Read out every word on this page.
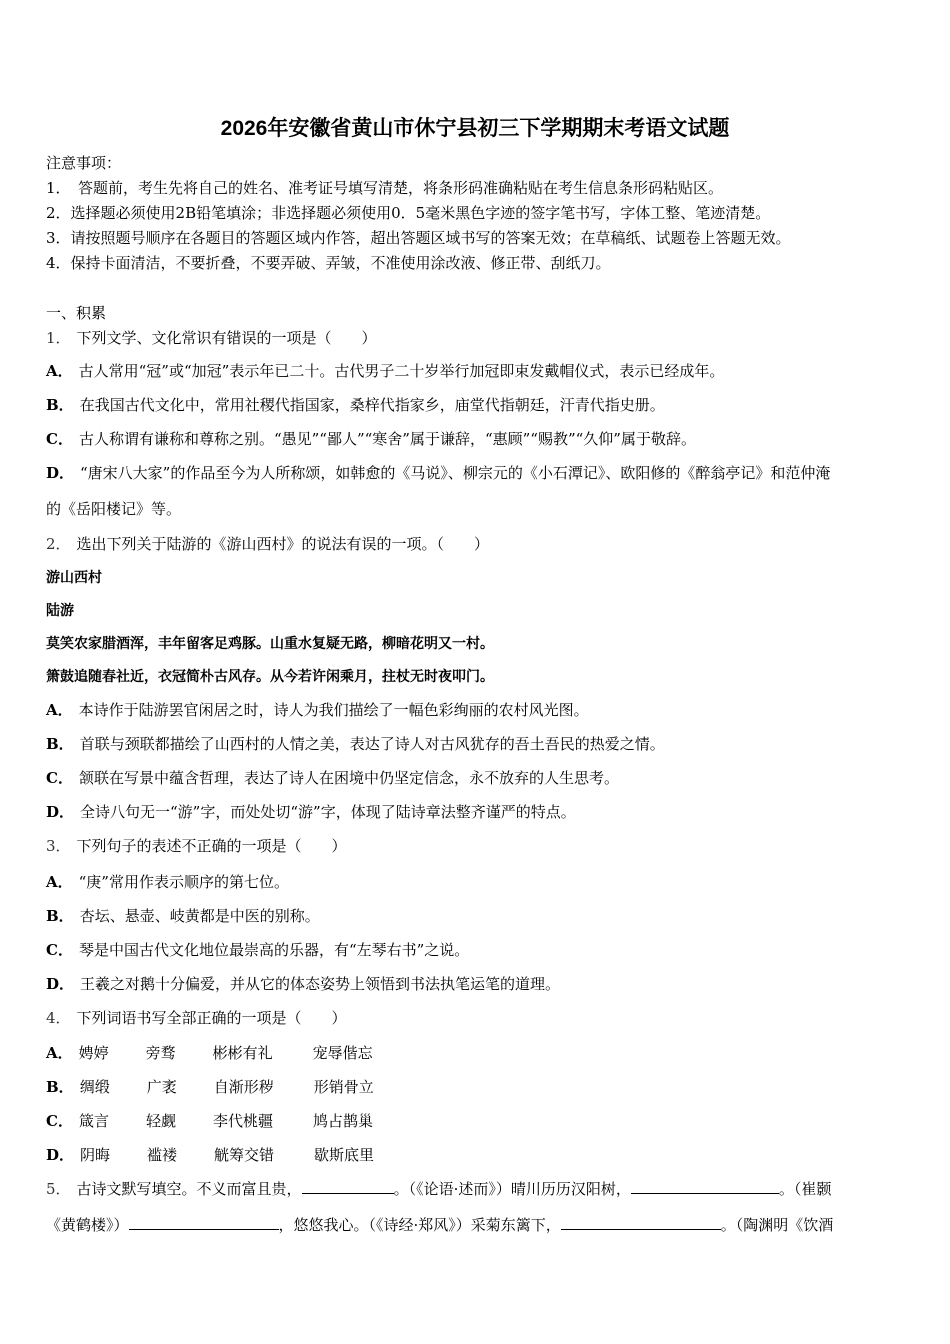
2026年安徽省黄山市休宁县初三下学期期末考语文试题
注意事项：
1．　答题前，考生先将自己的姓名、准考证号填写清楚，将条形码准确粘贴在考生信息条形码粘贴区。
2．选择题必须使用2B铅笔填涂；非选择题必须使用0．5毫米黑色字迹的签字笔书写，字体工整、笔迹清楚。
3．请按照题号顺序在各题目的答题区域内作答，超出答题区域书写的答案无效；在草稿纸、试题卷上答题无效。
4．保持卡面清洁，不要折叠，不要弄破、弄皱，不准使用涂改液、修正带、刮纸刀。
一、积累
1． 下列文学、文化常识有错误的一项是（　　）
A． 古人常用“冠”或“加冠”表示年已二十。古代男子二十岁举行加冠即束发戴帽仪式，表示已经成年。
B． 在我国古代文化中，常用社稷代指国家，桑梓代指家乡，庙堂代指朝廷，汗青代指史册。
C． 古人称谓有谦称和尊称之别。“愚见”“鄙人”“寒舍”属于谦辞，“惠顾”“赐教”“久仰”属于敬辞。
D． “唐宋八大家”的作品至今为人所称颂，如韩愈的《马说》、柳宗元的《小石潭记》、欧阳修的《醉翁亭记》和范仲淹
的《岳阳楼记》等。
2． 选出下列关于陆游的《游山西村》的说法有误的一项。（　　）
游山西村
陆游
莫笑农家腊酒浑，丰年留客足鸡豚。山重水复疑无路，柳暗花明又一村。
箫鼓追随春社近，衣冠简朴古风存。从今若许闲乘月，拄杖无时夜叩门。
A． 本诗作于陆游罢官闲居之时，诗人为我们描绘了一幅色彩绚丽的农村风光图。
B． 首联与颈联都描绘了山西村的人情之美，表达了诗人对古风犹存的吾土吾民的热爱之情。
C． 颔联在写景中蕴含哲理，表达了诗人在困境中仍坚定信念，永不放弃的人生思考。
D． 全诗八句无一“游”字，而处处切“游”字，体现了陆诗章法整齐谨严的特点。
3． 下列句子的表述不正确的一项是（　　）
A． “庚”常用作表示顺序的第七位。
B． 杏坛、悬壶、岐黄都是中医的别称。
C． 琴是中国古代文化地位最崇高的乐器，有“左琴右书”之说。
D． 王羲之对鹅十分偏爱，并从它的体态姿势上领悟到书法执笔运笔的道理。
4． 下列词语书写全部正确的一项是（　　）
A． 娉婷 旁骛 彬彬有礼	宠辱偕忘
B． 绸缎 广袤 自渐形秽	形销骨立
C． 箴言 轻觑 李代桃疆	鸠占鹊巢
D． 阴晦 褴褛 觥筹交错	歇斯底里
5． 古诗文默写填空。不义而富且贵，	。（《论语·述而》）晴川历历汉阳树，	。（崔颢
《黄鹤楼》）	，悠悠我心。（《诗经·郑风》）采菊东篱下，	。（陶渊明《饮酒
